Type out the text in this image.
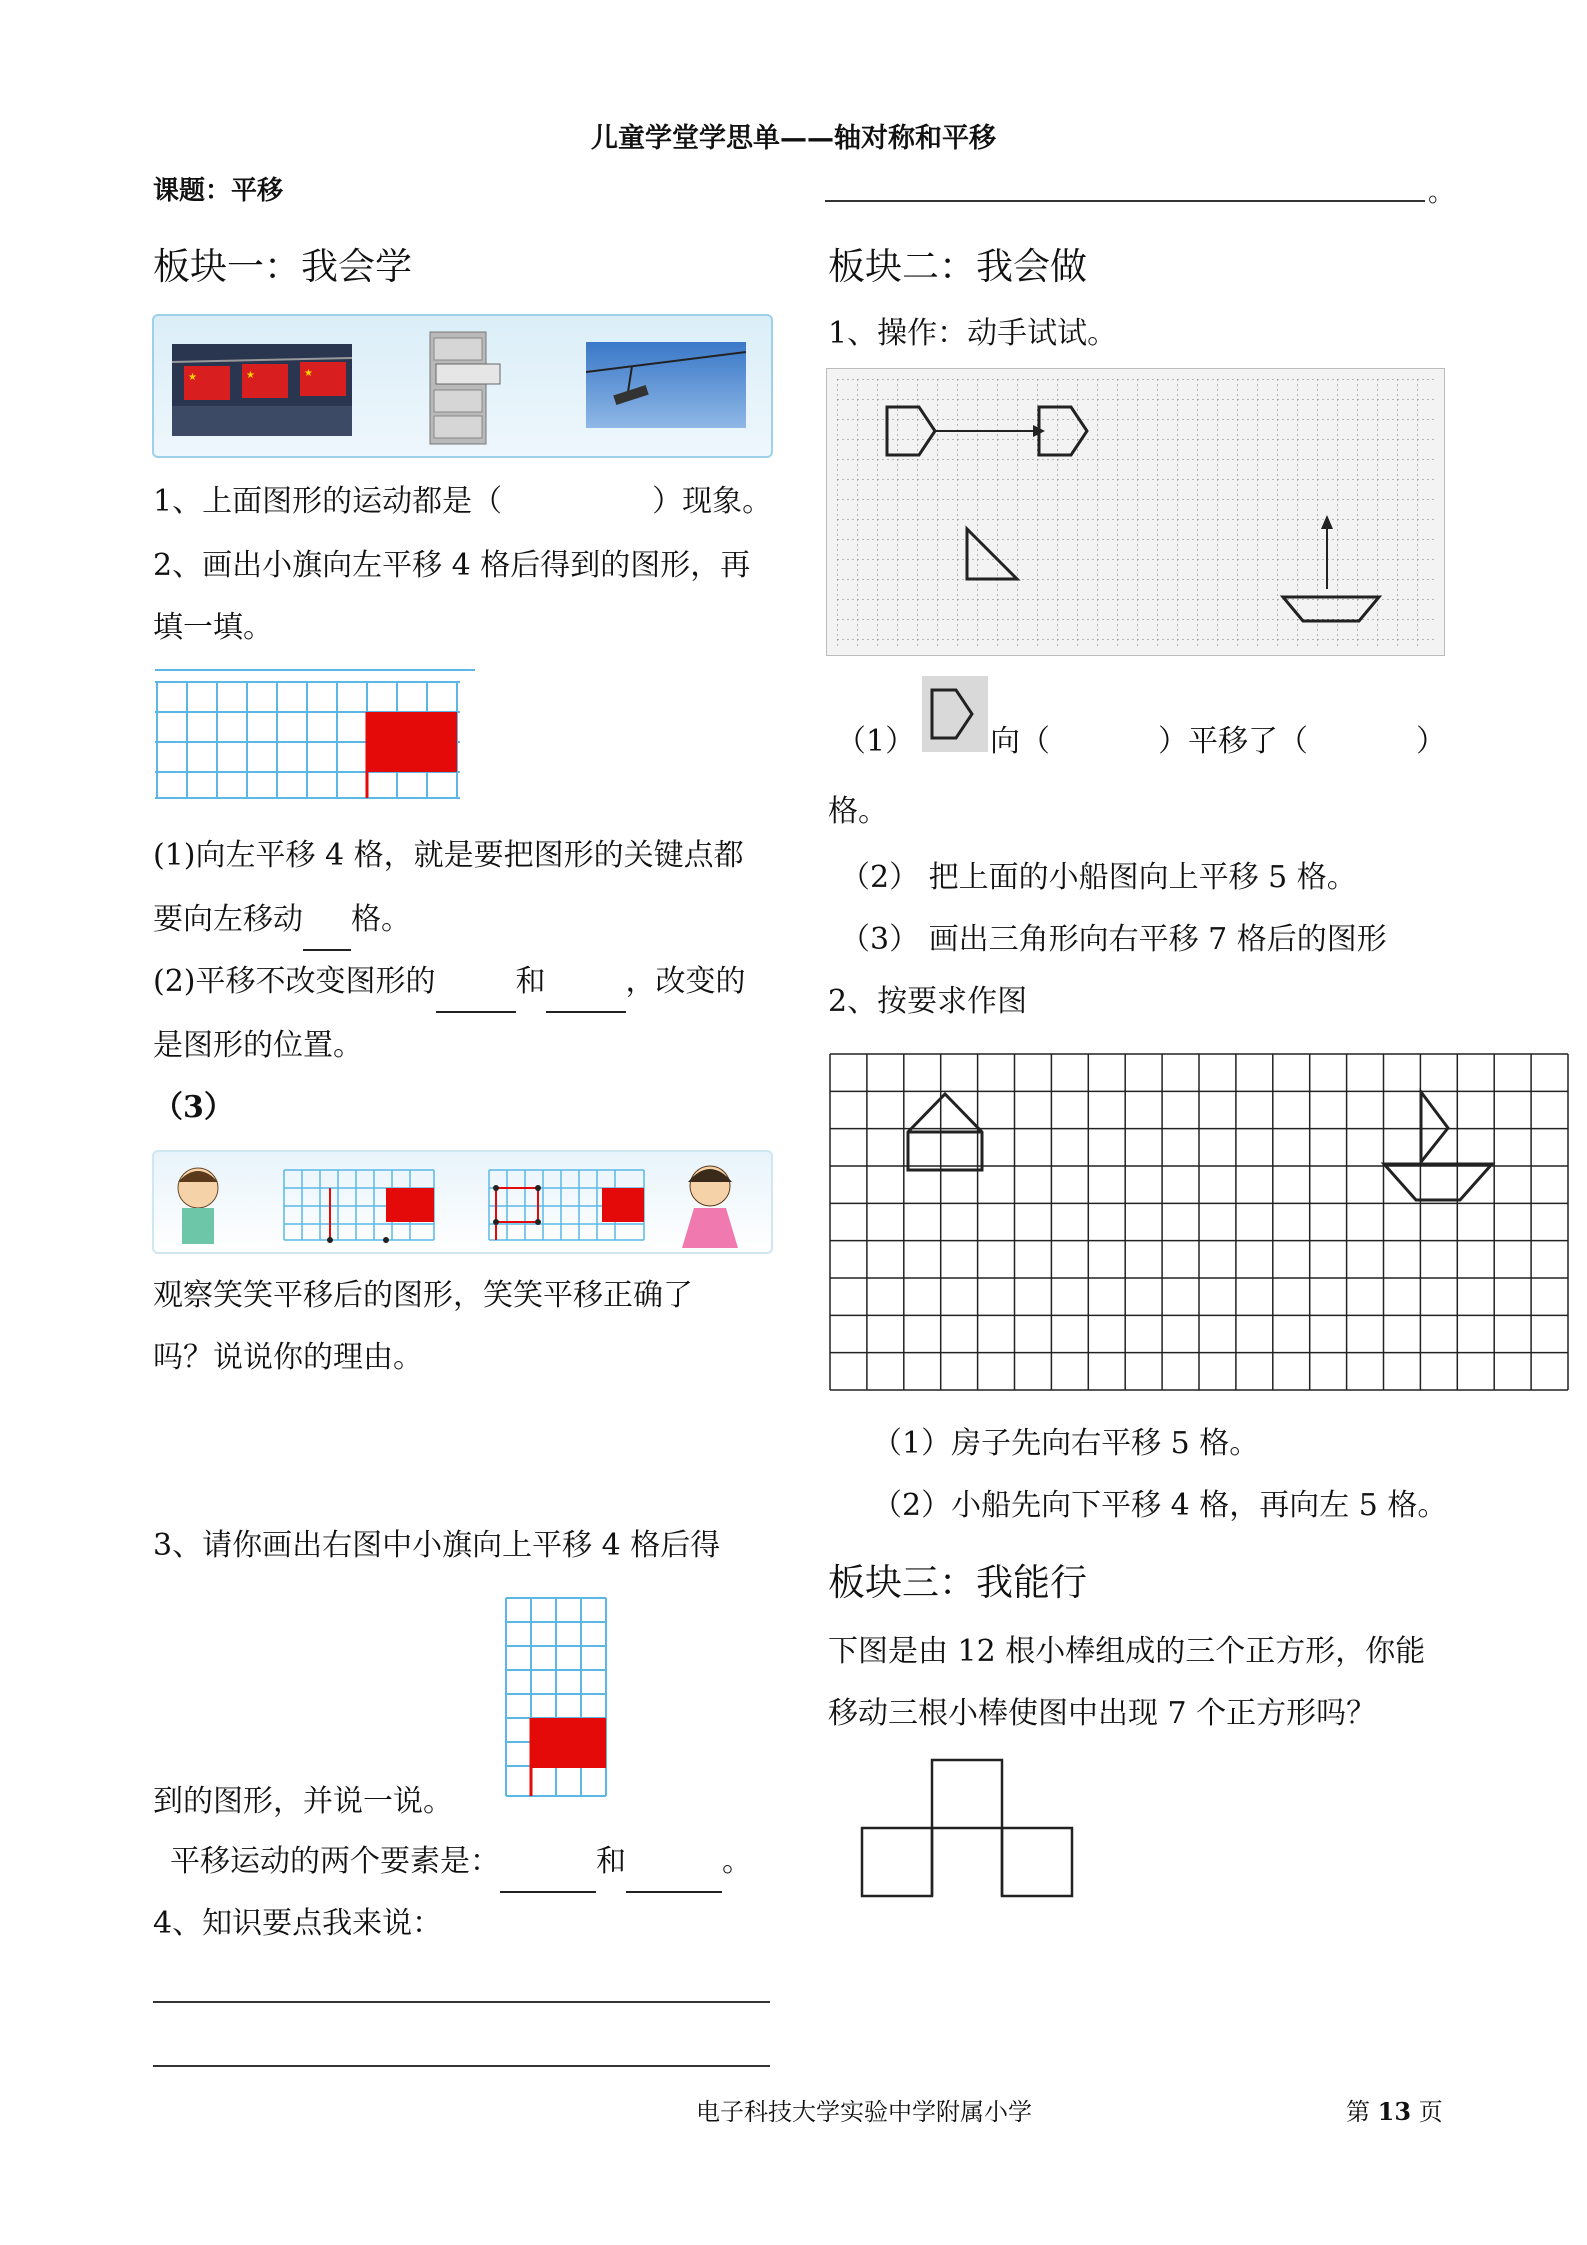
儿童学堂学思单——轴对称和平移
课题：平移	。
板块一：我会学
★	★	★
1、上面图形的运动都是（	）现象。
2、画出小旗向左平移 4 格后得到的图形，再
填一填。
(1)向左平移 4 格，就是要把图形的关键点都
要向左移动 格。
(2)平移不改变图形的	和	，改变的
是图形的位置。
（3）
观察笑笑平移后的图形，笑笑平移正确了
吗？说说你的理由。
3、请你画出右图中小旗向上平移 4 格后得
到的图形，并说一说。
平移运动的两个要素是：	和	。
4、知识要点我来说：
板块二：我会做
1、操作：动手试试。
（1） 向（	）平移了（	）
格。
（2） 把上面的小船图向上平移 5 格。
（3） 画出三角形向右平移 7 格后的图形
2、按要求作图
（1）房子先向右平移 5 格。
（2）小船先向下平移 4 格，再向左 5 格。
板块三：我能行
下图是由 12 根小棒组成的三个正方形，你能
移动三根小棒使图中出现 7 个正方形吗？
电子科技大学实验中学附属小学	第 13 页
